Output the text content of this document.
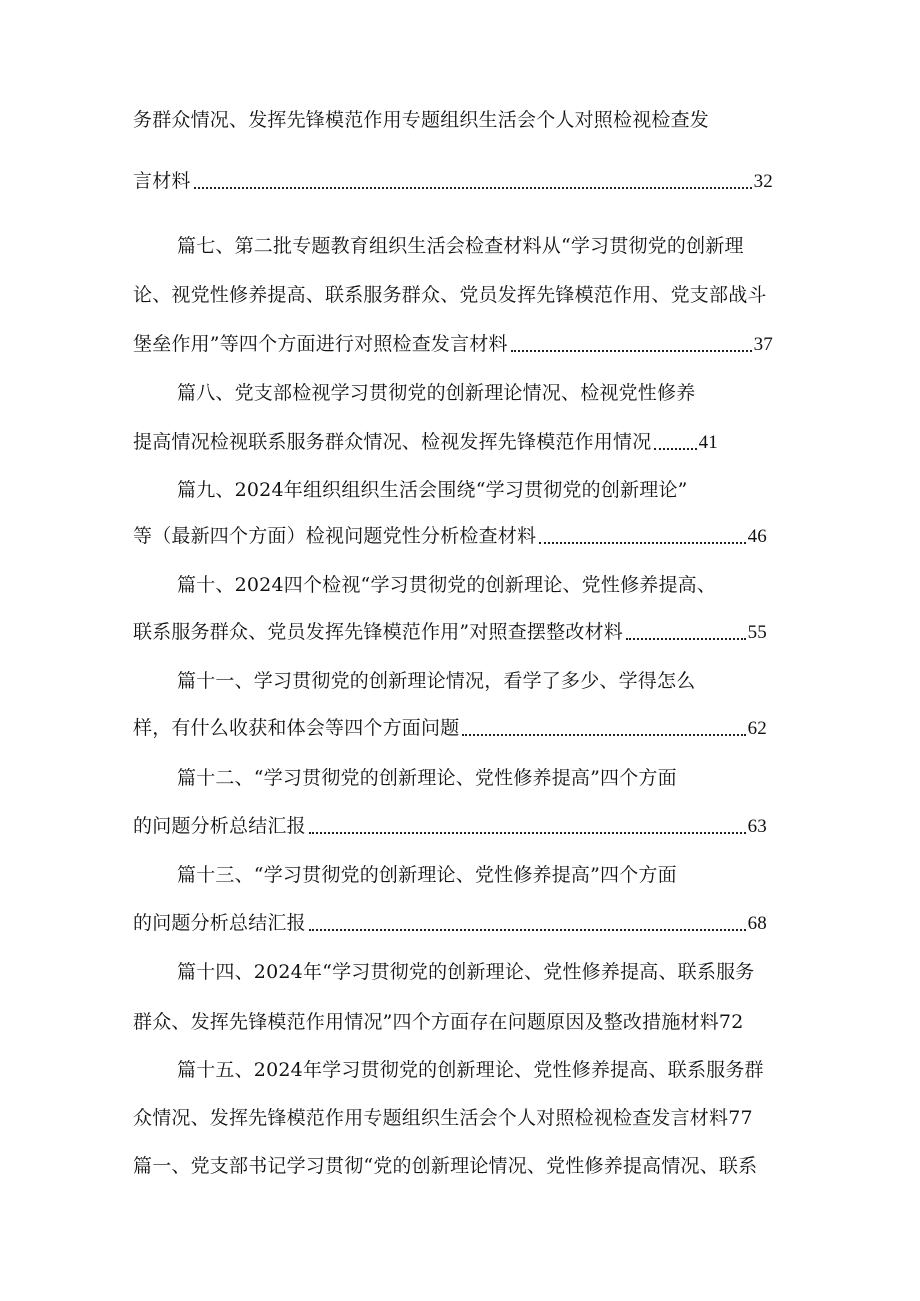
务群众情况、发挥先锋模范作用专题组织生活会个人对照检视检查发
言材料	32
篇七、第二批专题教育组织生活会检查材料从“学习贯彻党的创新理
论、视党性修养提高、联系服务群众、党员发挥先锋模范作用、党支部战斗
堡垒作用”等四个方面进行对照检查发言材料	37
篇八、党支部检视学习贯彻党的创新理论情况、检视党性修养
提高情况检视联系服务群众情况、检视发挥先锋模范作用情况 41
篇九、2024年组织组织生活会围绕“学习贯彻党的创新理论”
等（最新四个方面）检视问题党性分析检查材料	46
篇十、2024四个检视“学习贯彻党的创新理论、党性修养提高、
联系服务群众、党员发挥先锋模范作用”对照查摆整改材料	55
篇十一、学习贯彻党的创新理论情况，看学了多少、学得怎么
样，有什么收获和体会等四个方面问题	62
篇十二、“学习贯彻党的创新理论、党性修养提高”四个方面
的问题分析总结汇报	63
篇十三、“学习贯彻党的创新理论、党性修养提高”四个方面
的问题分析总结汇报	68
篇十四、2024年“学习贯彻党的创新理论、党性修养提高、联系服务
群众、发挥先锋模范作用情况”四个方面存在问题原因及整改措施材料72
篇十五、2024年学习贯彻党的创新理论、党性修养提高、联系服务群
众情况、发挥先锋模范作用专题组织生活会个人对照检视检查发言材料77
篇一、党支部书记学习贯彻“党的创新理论情况、党性修养提高情况、联系
